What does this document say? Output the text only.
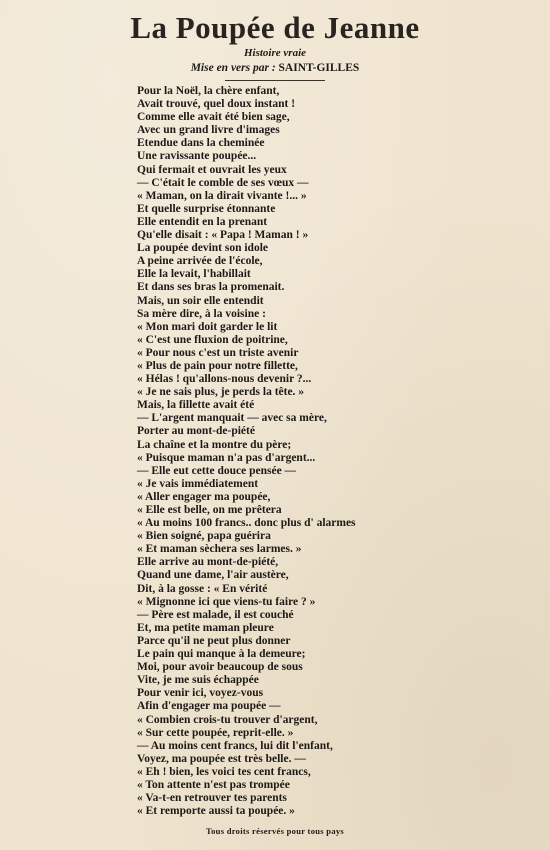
La Poupée de Jeanne
Histoire vraie
Mise en vers par : SAINT-GILLES
Pour la Noël, la chère enfant,
Avait trouvé, quel doux instant !
Comme elle avait été bien sage,
Avec un grand livre d'images
Etendue dans la cheminée
Une ravissante poupée...
Qui fermait et ouvrait les yeux
— C'était le comble de ses vœux —
« Maman, on la dirait vivante !... »
Et quelle surprise étonnante
Elle entendit en la prenant
Qu'elle disait : « Papa ! Maman ! »
La poupée devint son idole
A peine arrivée de l'école,
Elle la levait, l'habillait
Et dans ses bras la promenait.
Mais, un soir elle entendit
Sa mère dire, à la voisine :
« Mon mari doit garder le lit
« C'est une fluxion de poitrine,
« Pour nous c'est un triste avenir
« Plus de pain pour notre fillette,
« Hélas ! qu'allons-nous devenir ?...
« Je ne sais plus, je perds la tête. »
Mais, la fillette avait été
— L'argent manquait — avec sa mère,
Porter au mont-de-piété
La chaîne et la montre du père;
« Puisque maman n'a pas d'argent...
— Elle eut cette douce pensée —
« Je vais immédiatement
« Aller engager ma poupée,
« Elle est belle, on me prêtera
« Au moins 100 francs.. donc plus d' alarmes
« Bien soigné, papa guérira
« Et maman sèchera ses larmes. »
Elle arrive au mont-de-piété,
Quand une dame, l'air austère,
Dit, à la gosse : « En vérité
« Mignonne ici que viens-tu faire ? »
— Père est malade, il est couché
Et, ma petite maman pleure
Parce qu'il ne peut plus donner
Le pain qui manque à la demeure;
Moi, pour avoir beaucoup de sous
Vite, je me suis échappée
Pour venir ici, voyez-vous
Afin d'engager ma poupée —
« Combien crois-tu trouver d'argent,
« Sur cette poupée, reprit-elle. »
— Au moins cent francs, lui dit l'enfant,
Voyez, ma poupée est très belle. —
« Eh ! bien, les voici tes cent francs,
« Ton attente n'est pas trompée
« Va-t-en retrouver tes parents
« Et remporte aussi ta poupée. »
Tous droits réservés pour tous pays
